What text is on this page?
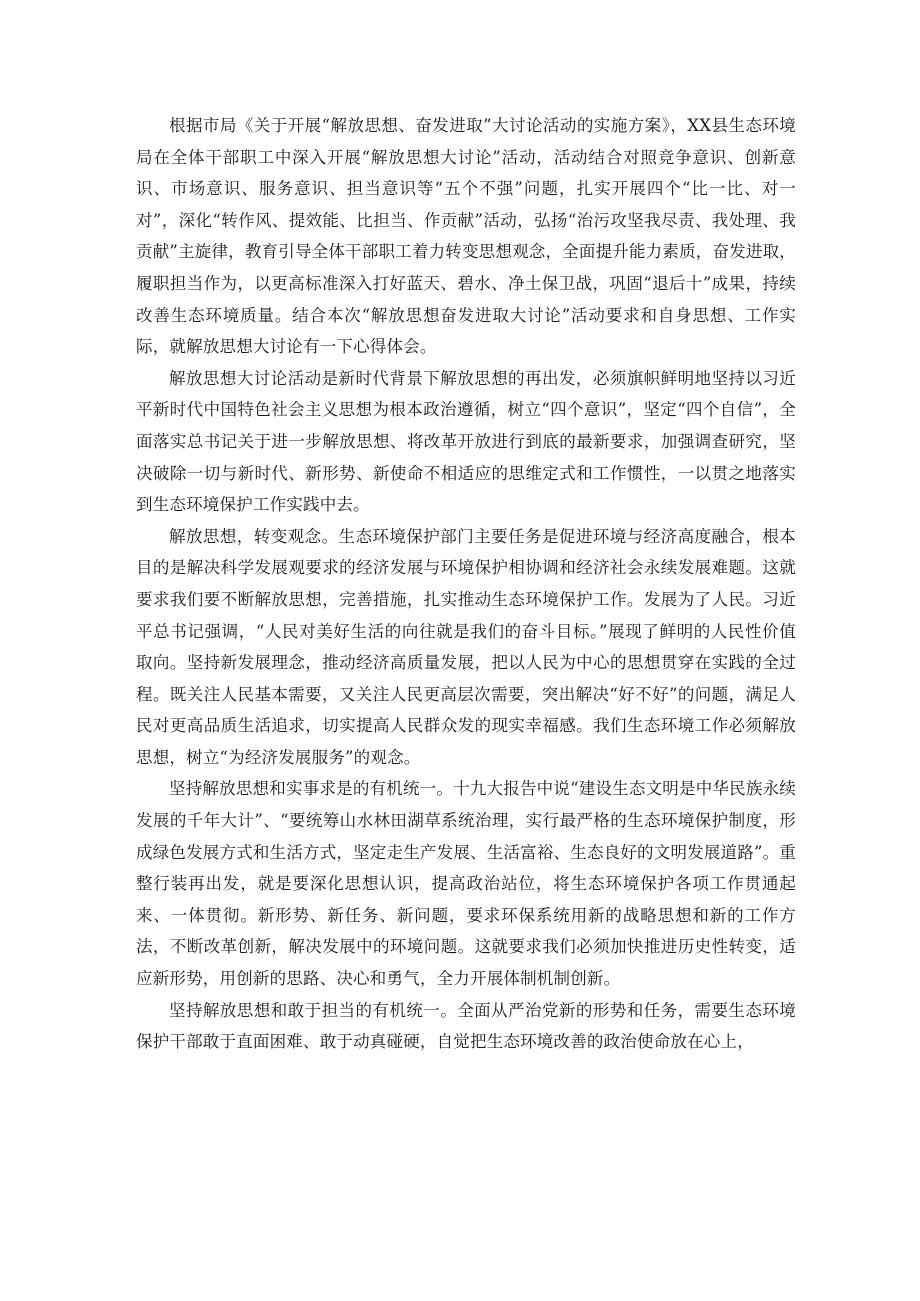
根据市局《关于开展“解放思想、奋发进取”大讨论活动的实施方案》，XX县生态环境局在全体干部职工中深入开展“解放思想大讨论”活动，活动结合对照竞争意识、创新意识、市场意识、服务意识、担当意识等“五个不强”问题，扎实开展四个“比一比、对一对”，深化“转作风、提效能、比担当、作贡献”活动，弘扬“治污攻坚我尽责、我处理、我贡献”主旋律，教育引导全体干部职工着力转变思想观念，全面提升能力素质，奋发进取，履职担当作为，以更高标准深入打好蓝天、碧水、净土保卫战，巩固“退后十”成果，持续改善生态环境质量。结合本次“解放思想奋发进取大讨论”活动要求和自身思想、工作实际，就解放思想大讨论有一下心得体会。

解放思想大讨论活动是新时代背景下解放思想的再出发，必须旗帜鲜明地坚持以习近平新时代中国特色社会主义思想为根本政治遵循，树立“四个意识”，坚定“四个自信”，全面落实总书记关于进一步解放思想、将改革开放进行到底的最新要求，加强调查研究，坚决破除一切与新时代、新形势、新使命不相适应的思维定式和工作惯性，一以贯之地落实到生态环境保护工作实践中去。

解放思想，转变观念。生态环境保护部门主要任务是促进环境与经济高度融合，根本目的是解决科学发展观要求的经济发展与环境保护相协调和经济社会永续发展难题。这就要求我们要不断解放思想，完善措施，扎实推动生态环境保护工作。发展为了人民。习近平总书记强调，“人民对美好生活的向往就是我们的奋斗目标。”展现了鲜明的人民性价值取向。坚持新发展理念，推动经济高质量发展，把以人民为中心的思想贯穿在实践的全过程。既关注人民基本需要，又关注人民更高层次需要，突出解决“好不好”的问题，满足人民对更高品质生活追求，切实提高人民群众发的现实幸福感。我们生态环境工作必须解放思想，树立“为经济发展服务”的观念。

坚持解放思想和实事求是的有机统一。十九大报告中说“建设生态文明是中华民族永续发展的千年大计”、“要统筹山水林田湖草系统治理，实行最严格的生态环境保护制度，形成绿色发展方式和生活方式，坚定走生产发展、生活富裕、生态良好的文明发展道路”。重整行装再出发，就是要深化思想认识，提高政治站位，将生态环境保护各项工作贯通起来、一体贯彻。新形势、新任务、新问题，要求环保系统用新的战略思想和新的工作方法，不断改革创新，解决发展中的环境问题。这就要求我们必须加快推进历史性转变，适应新形势，用创新的思路、决心和勇气，全力开展体制机制创新。

坚持解放思想和敢于担当的有机统一。全面从严治党新的形势和任务，需要生态环境保护干部敢于直面困难、敢于动真碰硬，自觉把生态环境改善的政治使命放在心上，
